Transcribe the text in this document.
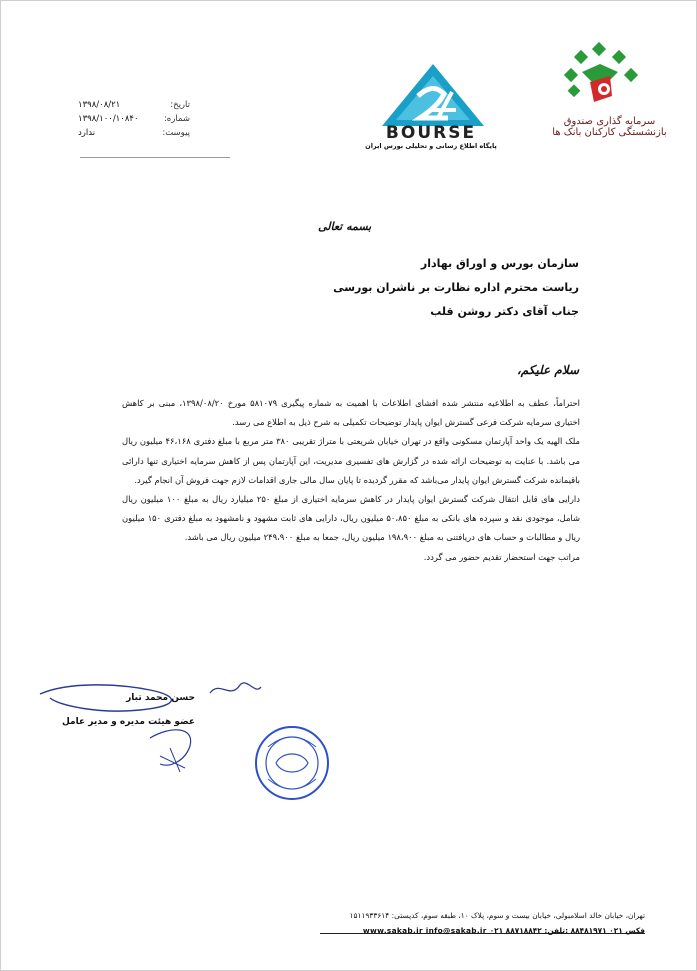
سرمایه گذاری صندوق بازنشستگی کارکنان بانک ها
BOURSE
پایگاه اطلاع رسانی و تحلیلی بورس ایران
تاریخ:
۱۳۹۸/۰۸/۲۱
شماره:
۱۳۹۸/۱۰۰/۱۰۸۴۰
پیوست:
ندارد
بسمه تعالی
سازمان بورس و اوراق بهادار
ریاست محترم اداره نظارت بر ناشران بورسی
جناب آقای دکتر روشن قلب
سلام علیکم،

احتراماً، عطف به اطلاعیه منتشر شده افشای اطلاعات با اهمیت به شماره پیگیری ۵۸۱۰۷۹ مورخ ۱۳۹۸/۰۸/۲۰، مبنی بر کاهش اختیاری سرمایه شرکت فرعی گسترش ایوان پایدار توضیحات تکمیلی به شرح ذیل به اطلاع می رسد.

ملک الهیه یک واحد آپارتمان مسکونی واقع در تهران خیابان شریعتی با متراژ تقریبی ۳۸۰ متر مربع با مبلغ دفتری ۴۶،۱۶۸ میلیون ریال می باشد. با عنایت به توضیحات ارائه شده در گزارش های تفسیری مدیریت، این آپارتمان پس از کاهش سرمایه اختیاری تنها دارائی باقیمانده شرکت گسترش ایوان پایدار می‌باشد که مقرر گردیده تا پایان سال مالی جاری اقدامات لازم جهت فروش آن انجام گیرد.

دارایی های قابل انتقال شرکت گسترش ایوان پایدار در کاهش سرمایه اختیاری از مبلغ ۲۵۰ میلیارد ریال به مبلغ ۱۰۰ میلیون ریال شامل، موجودی نقد و سپرده های بانکی به مبلغ ۵۰،۸۵۰ میلیون ریال، دارایی های ثابت مشهود و نامشهود به مبلغ دفتری ۱۵۰ میلیون ریال و مطالبات و حساب های دریافتنی به مبلغ ۱۹۸،۹۰۰ میلیون ریال، جمعا به مبلغ ۲۴۹،۹۰۰ میلیون ریال می باشد.

مراتب جهت استحضار تقدیم حضور می گردد.

حسن محمد تبار
عضو هیئت مدیره و مدیر عامل
تهران، خیابان خالد اسلامبولی، خیابان بیست و سوم، پلاک ۱۰، طبقه سوم، کدپستی: ۱۵۱۱۹۳۳۶۱۴
www.sakab.ir info@sakab.ir ۰۲۱ ۸۸۷۱۸۸۴۲ :فکس ۰۲۱ ۸۸۴۸۱۹۷۱ :تلفن
